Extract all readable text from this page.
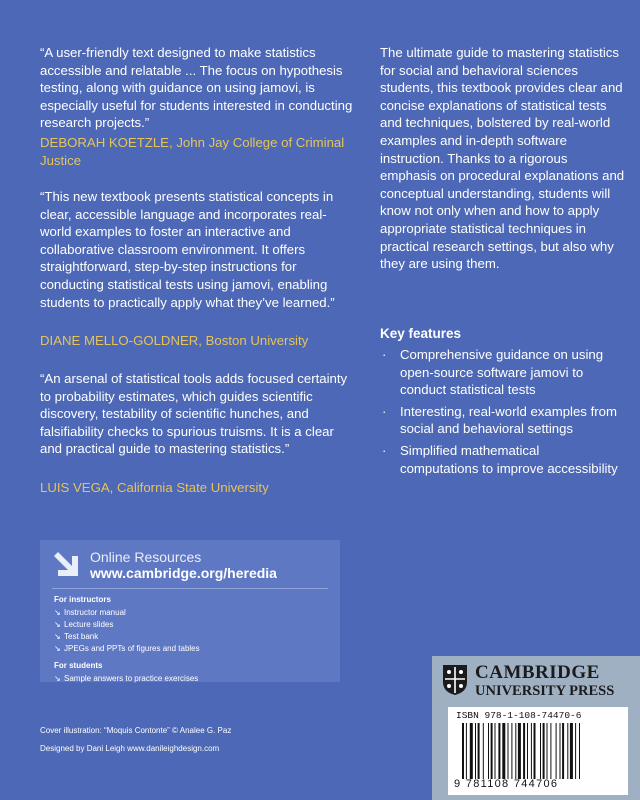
“A user-friendly text designed to make statistics accessible and relatable ... The focus on hypothesis testing, along with guidance on using jamovi, is especially useful for students interested in conducting research projects.”
DEBORAH KOETZLE, John Jay College of Criminal Justice
“This new textbook presents statistical concepts in clear, accessible language and incorporates real-world examples to foster an interactive and collaborative classroom environment. It offers straightforward, step-by-step instructions for conducting statistical tests using jamovi, enabling students to practically apply what they’ve learned.”
DIANE MELLO-GOLDNER, Boston University
“An arsenal of statistical tools adds focused certainty to probability estimates, which guides scientific discovery, testability of scientific hunches, and falsifiability checks to spurious truisms. It is a clear and practical guide to mastering statistics.”
LUIS VEGA, California State University
The ultimate guide to mastering statistics for social and behavioral sciences students, this textbook provides clear and concise explanations of statistical tests and techniques, bolstered by real-world examples and in-depth software instruction. Thanks to a rigorous emphasis on procedural explanations and conceptual understanding, students will know not only when and how to apply appropriate statistical techniques in practical research settings, but also why they are using them.
Key features
· Comprehensive guidance on using open-source software jamovi to conduct statistical tests
· Interesting, real-world examples from social and behavioral settings
· Simplified mathematical computations to improve accessibility
Online Resources
www.cambridge.org/heredia
For instructors
↘ Instructor manual
↘ Lecture slides
↘ Test bank
↘ JPEGs and PPTs of figures and tables
For students
↘ Sample answers to practice exercises
Cover illustration: “Moquis Contonte” © Analee G. Paz
Designed by Dani Leigh www.danileighdesign.com
CAMBRIDGE
UNIVERSITY PRESS
ISBN 978-1-108-74470-6
9 781108 744706
